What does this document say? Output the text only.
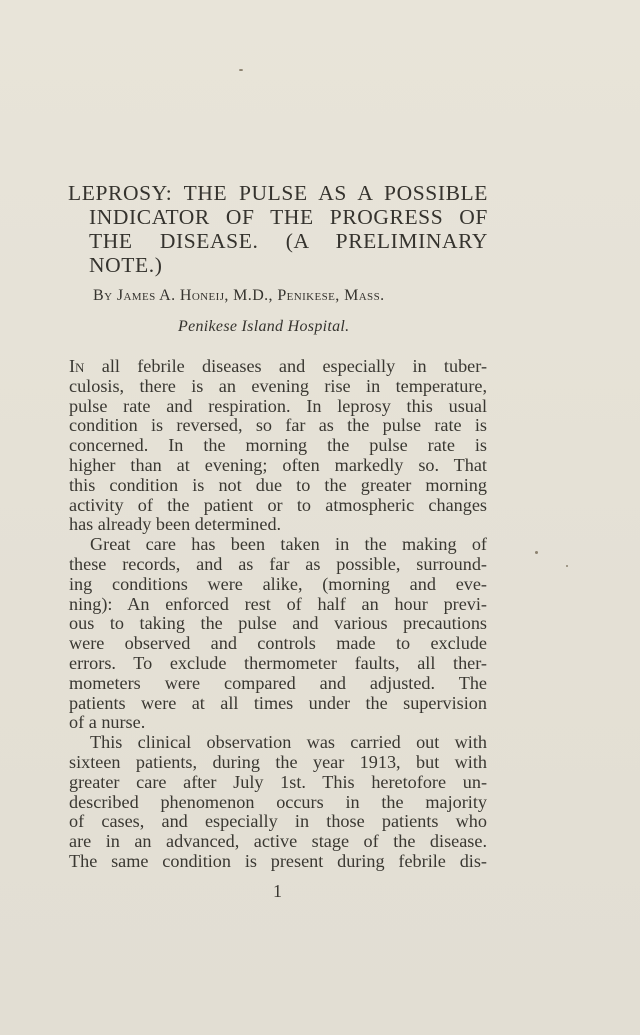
LEPROSY: THE PULSE AS A POSSIBLE
INDICATOR OF THE PROGRESS OF
THE DISEASE. (A PRELIMINARY
NOTE.)
By James A. Honeij, M.D., Penikese, Mass.
Penikese Island Hospital.
In all febrile diseases and especially in tuber-
culosis, there is an evening rise in temperature,
pulse rate and respiration. In leprosy this usual
condition is reversed, so far as the pulse rate is
concerned. In the morning the pulse rate is
higher than at evening; often markedly so. That
this condition is not due to the greater morning
activity of the patient or to atmospheric changes
has already been determined.
Great care has been taken in the making of
these records, and as far as possible, surround-
ing conditions were alike, (morning and eve-
ning): An enforced rest of half an hour previ-
ous to taking the pulse and various precautions
were observed and controls made to exclude
errors. To exclude thermometer faults, all ther-
mometers were compared and adjusted. The
patients were at all times under the supervision
of a nurse.
This clinical observation was carried out with
sixteen patients, during the year 1913, but with
greater care after July 1st. This heretofore un-
described phenomenon occurs in the majority
of cases, and especially in those patients who
are in an advanced, active stage of the disease.
The same condition is present during febrile dis-
1
